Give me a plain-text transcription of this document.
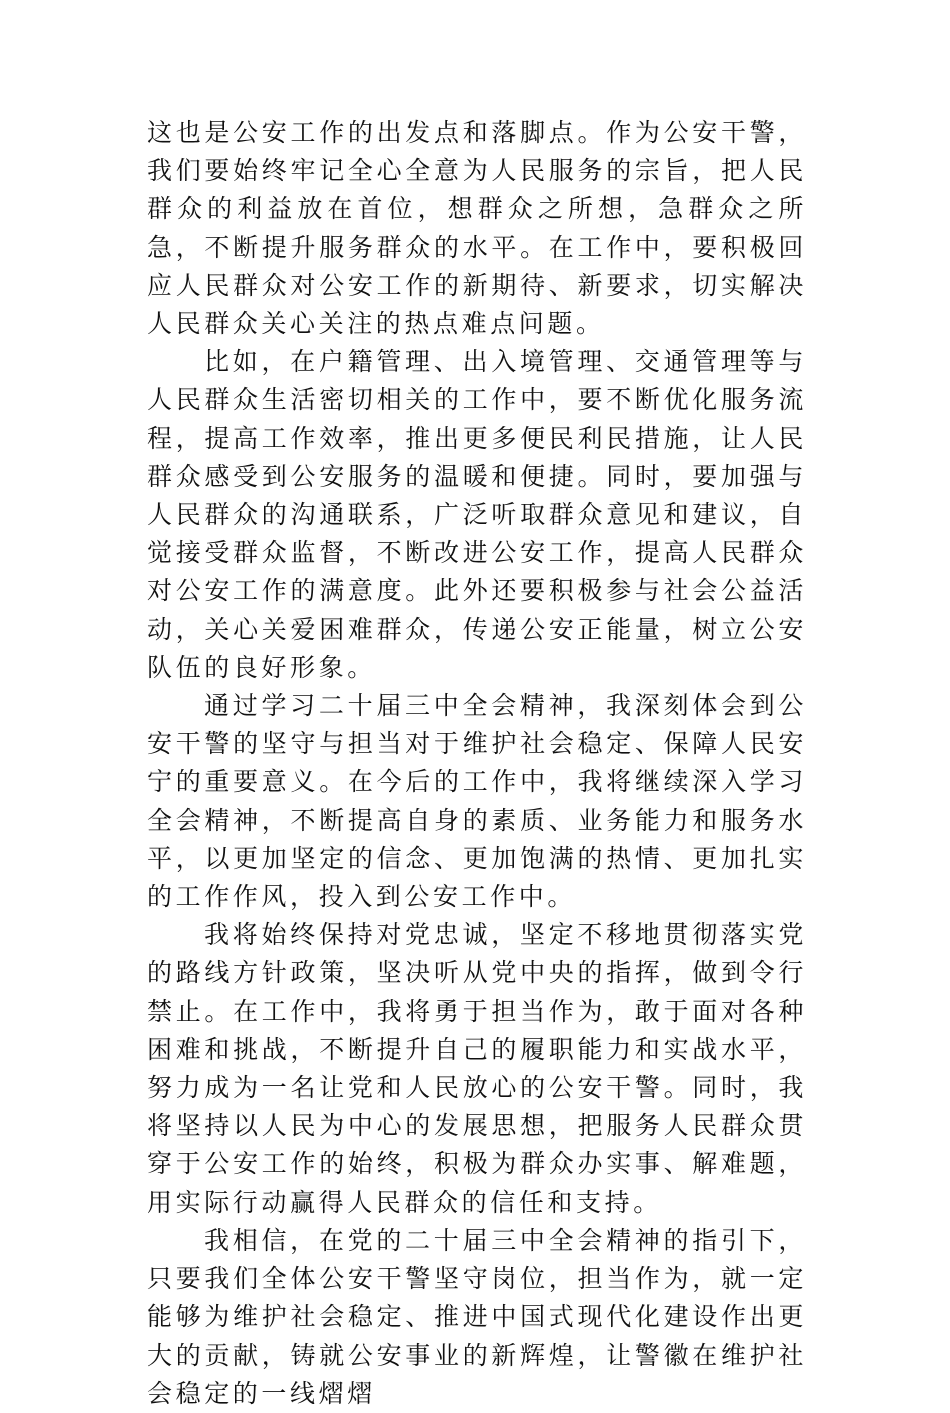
这也是公安工作的出发点和落脚点。作为公安干警，我们要始终牢记全心全意为人民服务的宗旨，把人民群众的利益放在首位，想群众之所想，急群众之所急，不断提升服务群众的水平。在工作中，要积极回应人民群众对公安工作的新期待、新要求，切实解决人民群众关心关注的热点难点问题。

比如，在户籍管理、出入境管理、交通管理等与人民群众生活密切相关的工作中，要不断优化服务流程，提高工作效率，推出更多便民利民措施，让人民群众感受到公安服务的温暖和便捷。同时，要加强与人民群众的沟通联系，广泛听取群众意见和建议，自觉接受群众监督，不断改进公安工作，提高人民群众对公安工作的满意度。此外还要积极参与社会公益活动，关心关爱困难群众，传递公安正能量，树立公安队伍的良好形象。

通过学习二十届三中全会精神，我深刻体会到公安干警的坚守与担当对于维护社会稳定、保障人民安宁的重要意义。在今后的工作中，我将继续深入学习全会精神，不断提高自身的素质、业务能力和服务水平，以更加坚定的信念、更加饱满的热情、更加扎实的工作作风，投入到公安工作中。

我将始终保持对党忠诚，坚定不移地贯彻落实党的路线方针政策，坚决听从党中央的指挥，做到令行禁止。在工作中，我将勇于担当作为，敢于面对各种困难和挑战，不断提升自己的履职能力和实战水平，努力成为一名让党和人民放心的公安干警。同时，我将坚持以人民为中心的发展思想，把服务人民群众贯穿于公安工作的始终，积极为群众办实事、解难题，用实际行动赢得人民群众的信任和支持。

我相信，在党的二十届三中全会精神的指引下，只要我们全体公安干警坚守岗位，担当作为，就一定能够为维护社会稳定、推进中国式现代化建设作出更大的贡献，铸就公安事业的新辉煌，让警徽在维护社会稳定的一线熠熠
